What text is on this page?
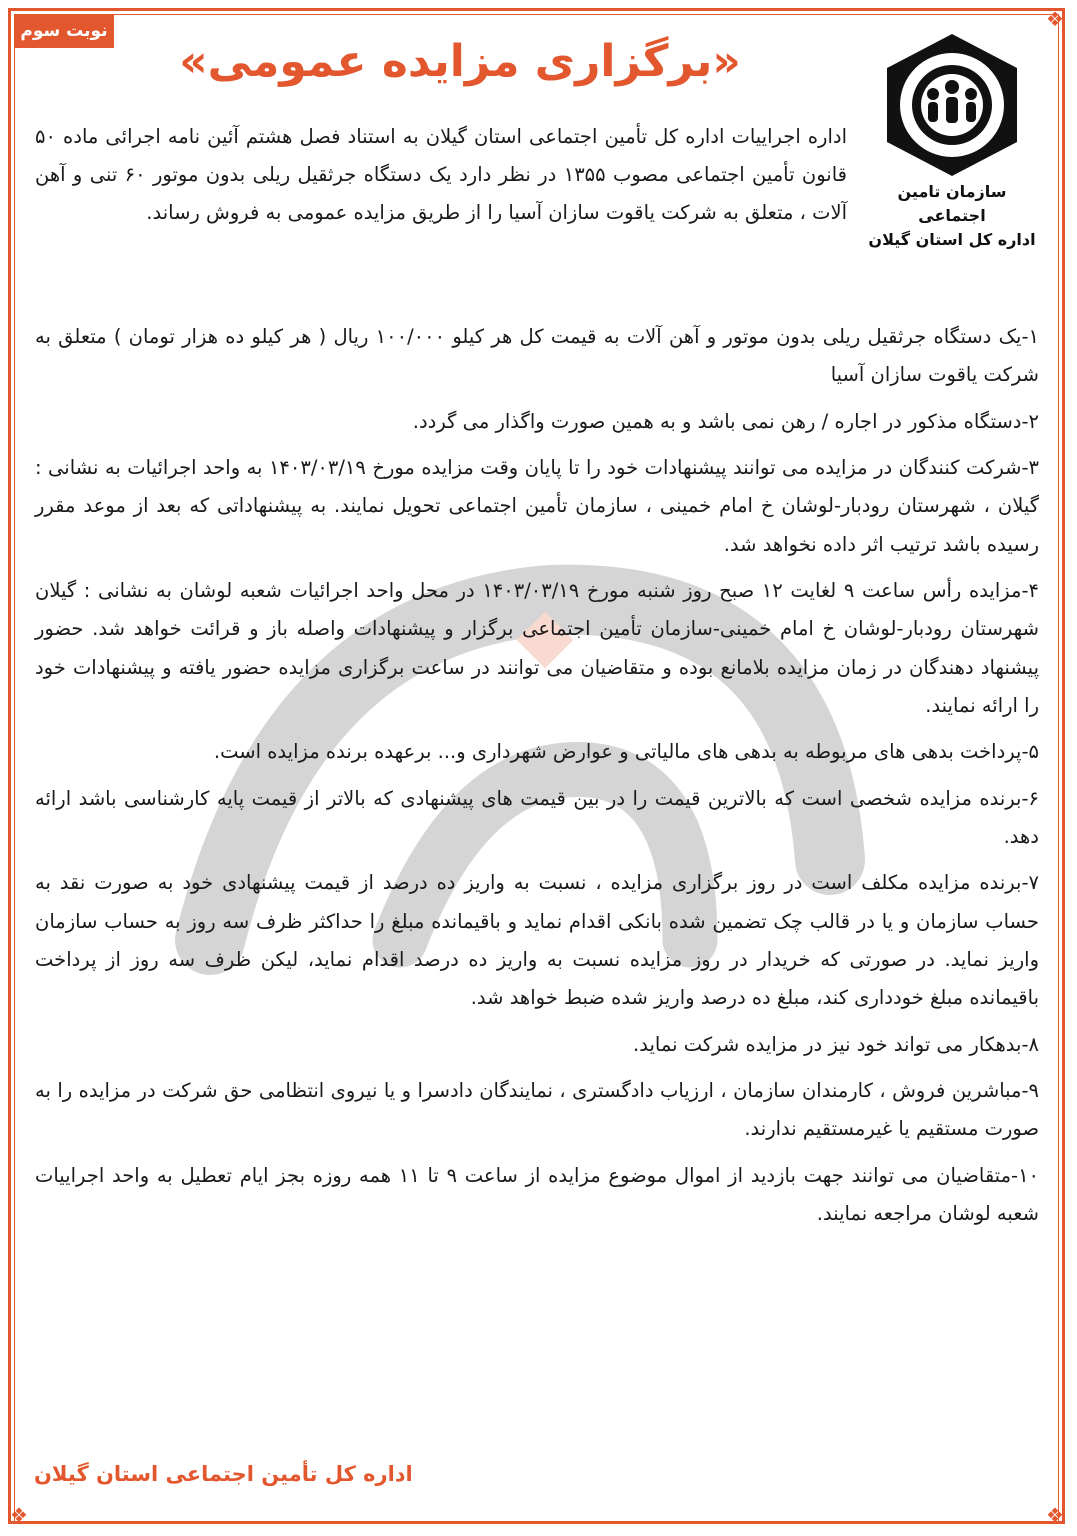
❖
❖
❖
نوبت سوم
«برگزاری مزایده عمومی»
سازمان تامین اجتماعی
اداره کل استان گیلان
اداره اجراییات اداره کل تأمین اجتماعی استان گیلان به استناد فصل هشتم آئین نامه اجرائی ماده ۵۰ قانون تأمین اجتماعی مصوب ۱۳۵۵ در نظر دارد یک دستگاه جرثقیل ریلی بدون موتور ۶۰ تنی و آهن آلات ، متعلق به شرکت یاقوت سازان آسیا را از طریق مزایده عمومی به فروش رساند.

۱-یک دستگاه جرثقیل ریلی بدون موتور و آهن آلات به قیمت کل هر کیلو ۱۰۰/۰۰۰ ریال ( هر کیلو ده هزار تومان ) متعلق به شرکت یاقوت سازان آسیا

۲-دستگاه مذکور در اجاره / رهن نمی باشد و به همین صورت واگذار می گردد.

۳-شرکت کنندگان در مزایده می توانند پیشنهادات خود را تا پایان وقت مزایده مورخ ۱۴۰۳/۰۳/۱۹ به واحد اجرائیات به نشانی : گیلان ، شهرستان رودبار-لوشان خ امام خمینی ، سازمان تأمین اجتماعی تحویل نمایند. به پیشنهاداتی که بعد از موعد مقرر رسیده باشد ترتیب اثر داده نخواهد شد.

۴-مزایده رأس ساعت ۹ لغایت ۱۲ صبح روز شنبه مورخ ۱۴۰۳/۰۳/۱۹ در محل واحد اجرائیات شعبه لوشان به نشانی : گیلان شهرستان رودبار-لوشان خ امام خمینی-سازمان تأمین اجتماعی برگزار و پیشنهادات واصله باز و قرائت خواهد شد. حضور پیشنهاد دهندگان در زمان مزایده بلامانع بوده و متقاضیان می توانند در ساعت برگزاری مزایده حضور یافته و پیشنهادات خود را ارائه نمایند.

۵-پرداخت بدهی های مربوطه به بدهی های مالیاتی و عوارض شهرداری و... برعهده برنده مزایده است.

۶-برنده مزایده شخصی است که بالاترین قیمت را در بین قیمت های پیشنهادی که بالاتر از قیمت پایه کارشناسی باشد ارائه دهد.

۷-برنده مزایده مکلف است در روز برگزاری مزایده ، نسبت به واریز ده درصد از قیمت پیشنهادی خود به صورت نقد به حساب سازمان و یا در قالب چک تضمین شده بانکی اقدام نماید و باقیمانده مبلغ را حداکثر ظرف سه روز به حساب سازمان واریز نماید. در صورتی که خریدار در روز مزایده نسبت به واریز ده درصد اقدام نماید، لیکن ظرف سه روز از پرداخت باقیمانده مبلغ خودداری کند، مبلغ ده درصد واریز شده ضبط خواهد شد.

۸-بدهکار می تواند خود نیز در مزایده شرکت نماید.

۹-مباشرین فروش ، کارمندان سازمان ، ارزیاب دادگستری ، نمایندگان دادسرا و یا نیروی انتظامی حق شرکت در مزایده را به صورت مستقیم یا غیرمستقیم ندارند.

۱۰-متقاضیان می توانند جهت بازدید از اموال موضوع مزایده از ساعت ۹ تا ۱۱ همه روزه بجز ایام تعطیل به واحد اجراییات شعبه لوشان مراجعه نمایند.

اداره کل تأمین اجتماعی استان گیلان
